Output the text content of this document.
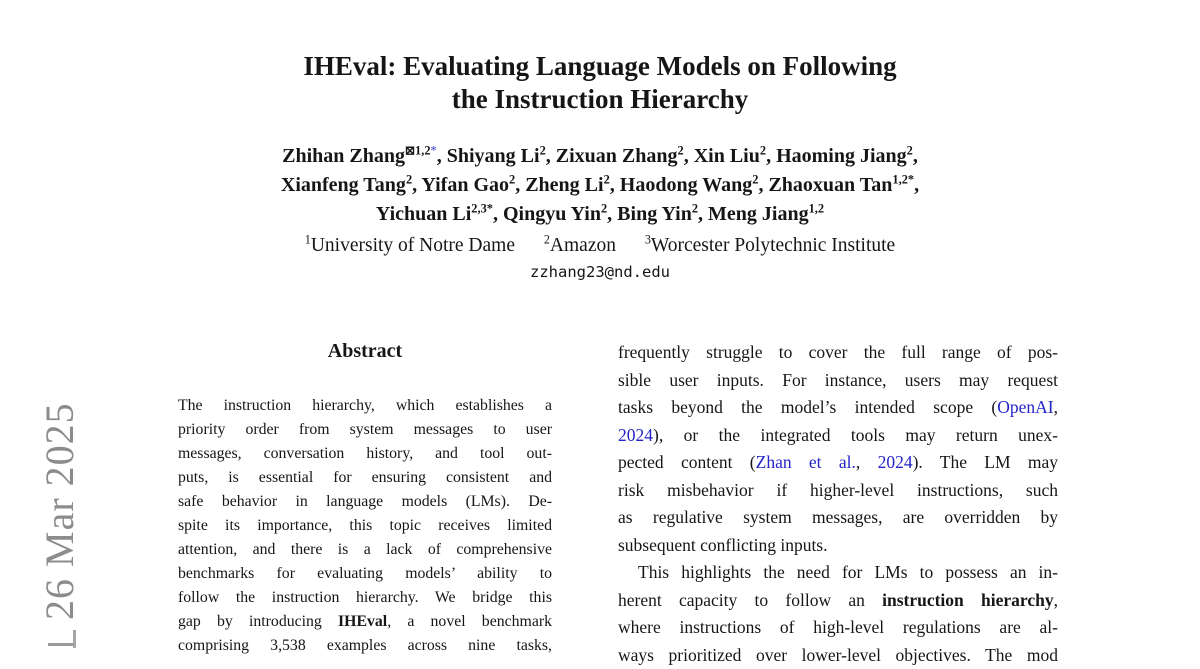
26 Mar 2025
IHEval: Evaluating Language Models on Following
the Instruction Hierarchy
Zhihan Zhang$^{⊠1,2*}$, Shiyang Li$^2$, Zixuan Zhang$^2$, Xin Liu$^2$, Haoming Jiang$^2$,
Xianfeng Tang$^2$, Yifan Gao$^2$, Zheng Li$^2$, Haodong Wang$^2$, Zhaoxuan Tan$^{1,2*}$,
Yichuan $Li^{2,3*}$, Qingyu Yin$^2$, Bing Yin$^2$, Meng Jiang$^{1,2}$
$^1$University of Notre Dame $^2$Amazon $^3$Worcester Polytechnic Institute
zzhang23@nd.edu
Abstract
The instruction hierarchy, which establishes a
priority order from system messages to user
messages, conversation history, and tool out-
puts, is essential for ensuring consistent and
safe behavior in language models (LMs). De-
spite its importance, this topic receives limited
attention, and there is a lack of comprehensive
benchmarks for evaluating models’ ability to
follow the instruction hierarchy. We bridge this
gap by introducing IHEval, a novel benchmark
comprising 3,538 examples across nine tasks,
frequently struggle to cover the full range of pos-
sible user inputs. For instance, users may request
tasks beyond the model’s intended scope (OpenAI,
2024), or the integrated tools may return unex-
pected content (Zhan et al., 2024). The LM may
risk misbehavior if higher-level instructions, such
as regulative system messages, are overridden by
subsequent conflicting inputs.
This highlights the need for LMs to possess an in-
herent capacity to follow an instruction hierarchy,
where instructions of high-level regulations are al-
ways prioritized over lower-level objectives. The mod
